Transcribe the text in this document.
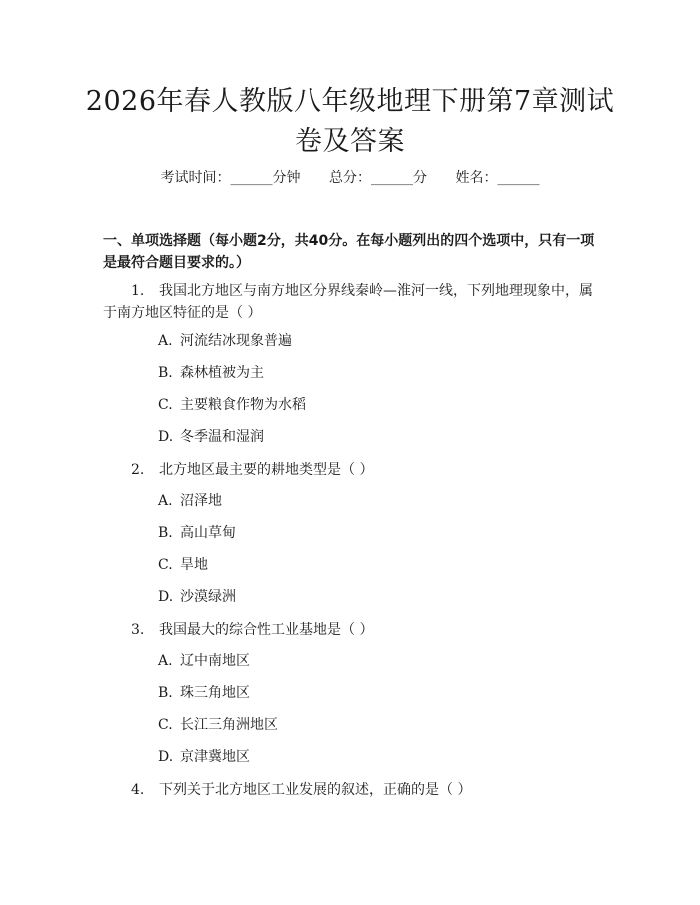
2026年春人教版八年级地理下册第7章测试卷及答案
考试时间：______分钟 总分：______分 姓名：______
一、单项选择题（每小题2分，共40分。在每小题列出的四个选项中，只有一项是最符合题目要求的。）
1. 我国北方地区与南方地区分界线秦岭—淮河一线，下列地理现象中，属于南方地区特征的是（ ）
A. 河流结冰现象普遍
B. 森林植被为主
C. 主要粮食作物为水稻
D. 冬季温和湿润
2. 北方地区最主要的耕地类型是（ ）
A. 沼泽地
B. 高山草甸
C. 旱地
D. 沙漠绿洲
3. 我国最大的综合性工业基地是（ ）
A. 辽中南地区
B. 珠三角地区
C. 长江三角洲地区
D. 京津冀地区
4. 下列关于北方地区工业发展的叙述，正确的是（ ）
